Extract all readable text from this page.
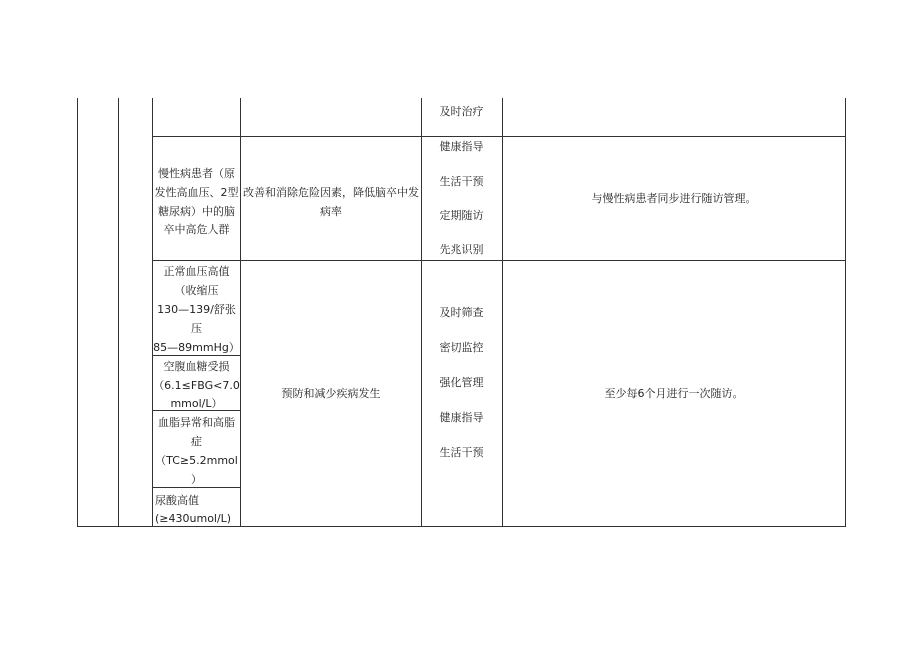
及时治疗
慢性病患者（原
发性高血压、2型
糖尿病）中的脑
卒中高危人群
改善和消除危险因素，降低脑卒中发
病率
健康指导
生活干预
定期随访
先兆识别
与慢性病患者同步进行随访管理。
正常血压高值
（收缩压
130—139/舒张
压
85—89mmHg）
空腹血糖受损
（6.1≤FBG<7.0
mmol/L）
血脂异常和高脂
症
（TC≥5.2mmol
）
尿酸高值
(≥430umol/L)
预防和减少疾病发生
及时筛查
密切监控
强化管理
健康指导
生活干预
至少每6个月进行一次随访。
